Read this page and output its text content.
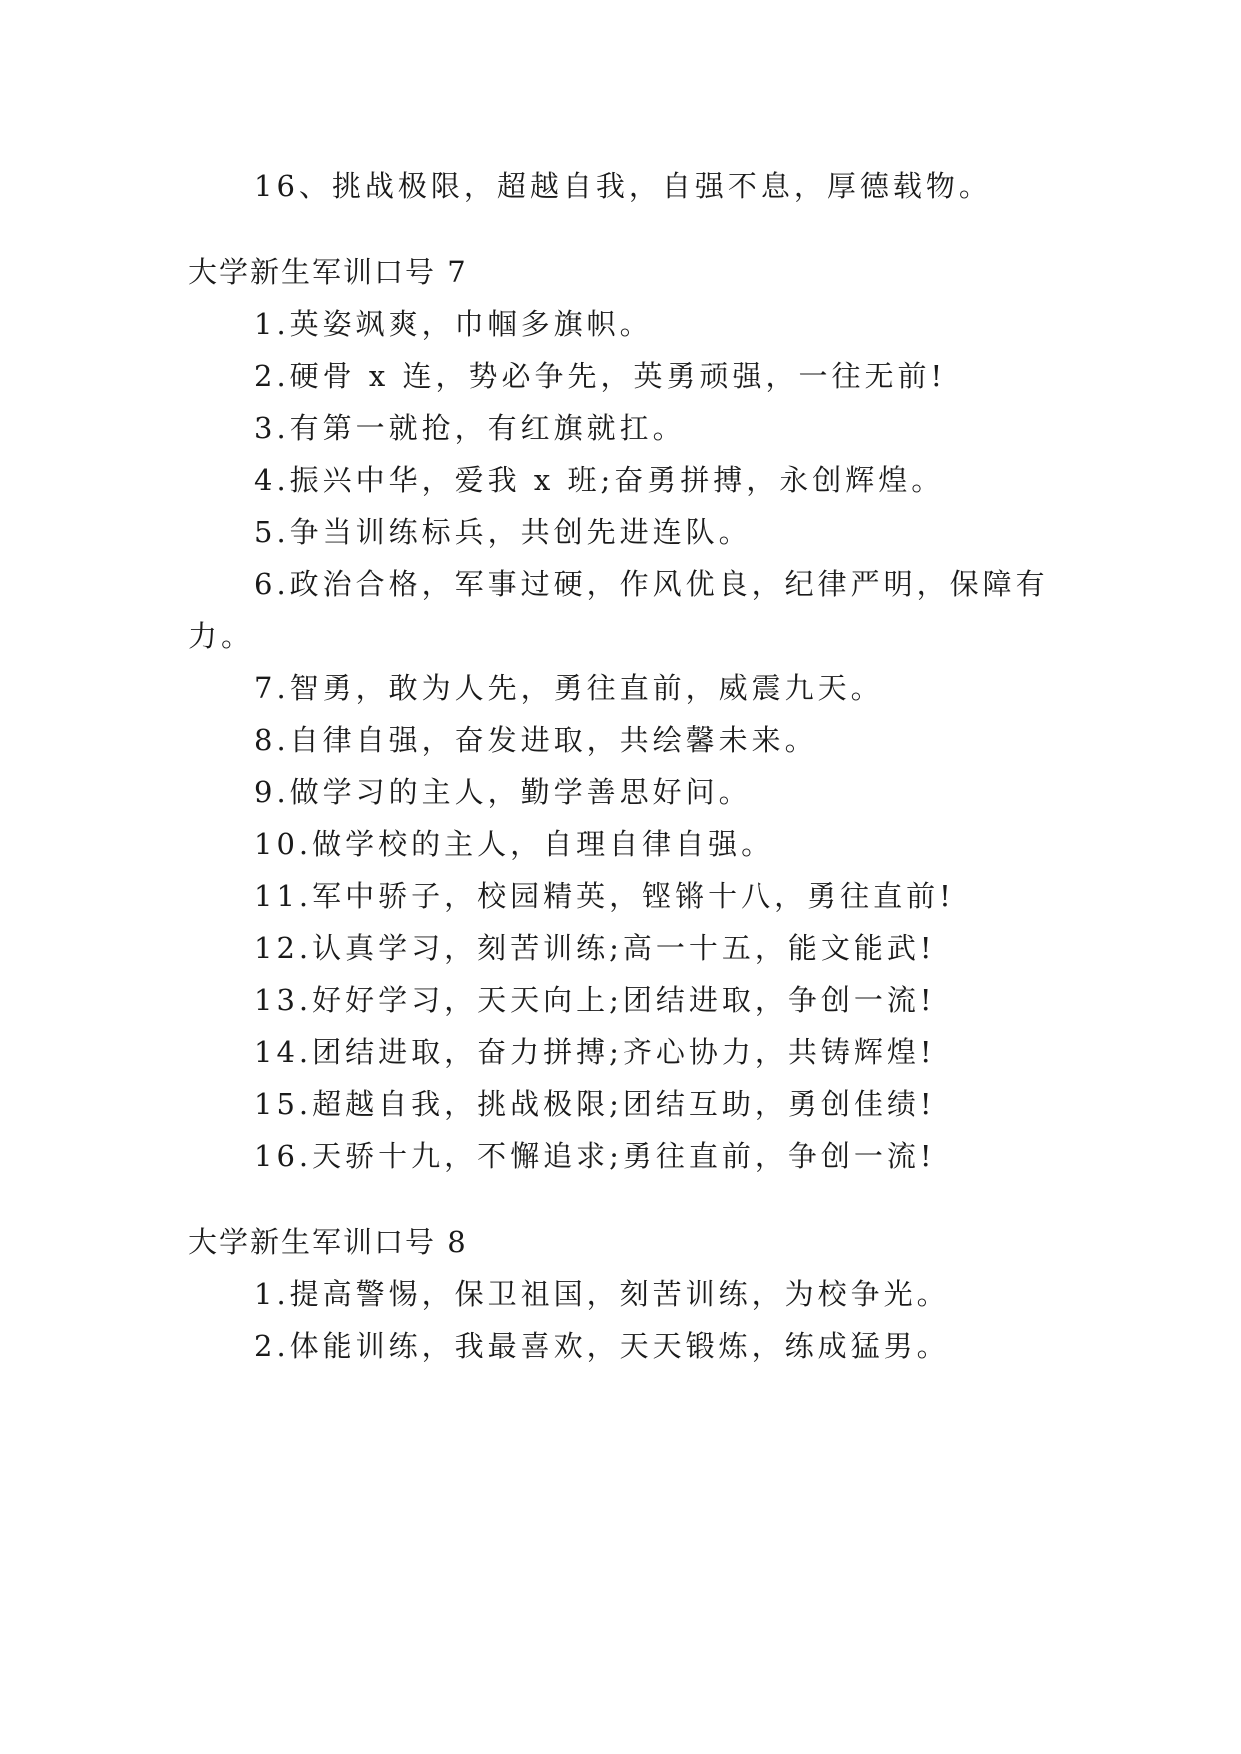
16、挑战极限，超越自我，自强不息，厚德载物。
大学新生军训口号 7
1.英姿飒爽，巾帼多旗帜。
2.硬骨 x 连，势必争先，英勇顽强，一往无前!
3.有第一就抢，有红旗就扛。
4.振兴中华，爱我 x 班;奋勇拼搏，永创辉煌。
5.争当训练标兵，共创先进连队。
6.政治合格，军事过硬，作风优良，纪律严明，保障有
力。
7.智勇，敢为人先，勇往直前，威震九天。
8.自律自强，奋发进取，共绘馨未来。
9.做学习的主人，勤学善思好问。
10.做学校的主人，自理自律自强。
11.军中骄子，校园精英，铿锵十八，勇往直前!
12.认真学习，刻苦训练;高一十五，能文能武!
13.好好学习，天天向上;团结进取，争创一流!
14.团结进取，奋力拼搏;齐心协力，共铸辉煌!
15.超越自我，挑战极限;团结互助，勇创佳绩!
16.天骄十九，不懈追求;勇往直前，争创一流!
大学新生军训口号 8
1.提高警惕，保卫祖国，刻苦训练，为校争光。
2.体能训练，我最喜欢，天天锻炼，练成猛男。
